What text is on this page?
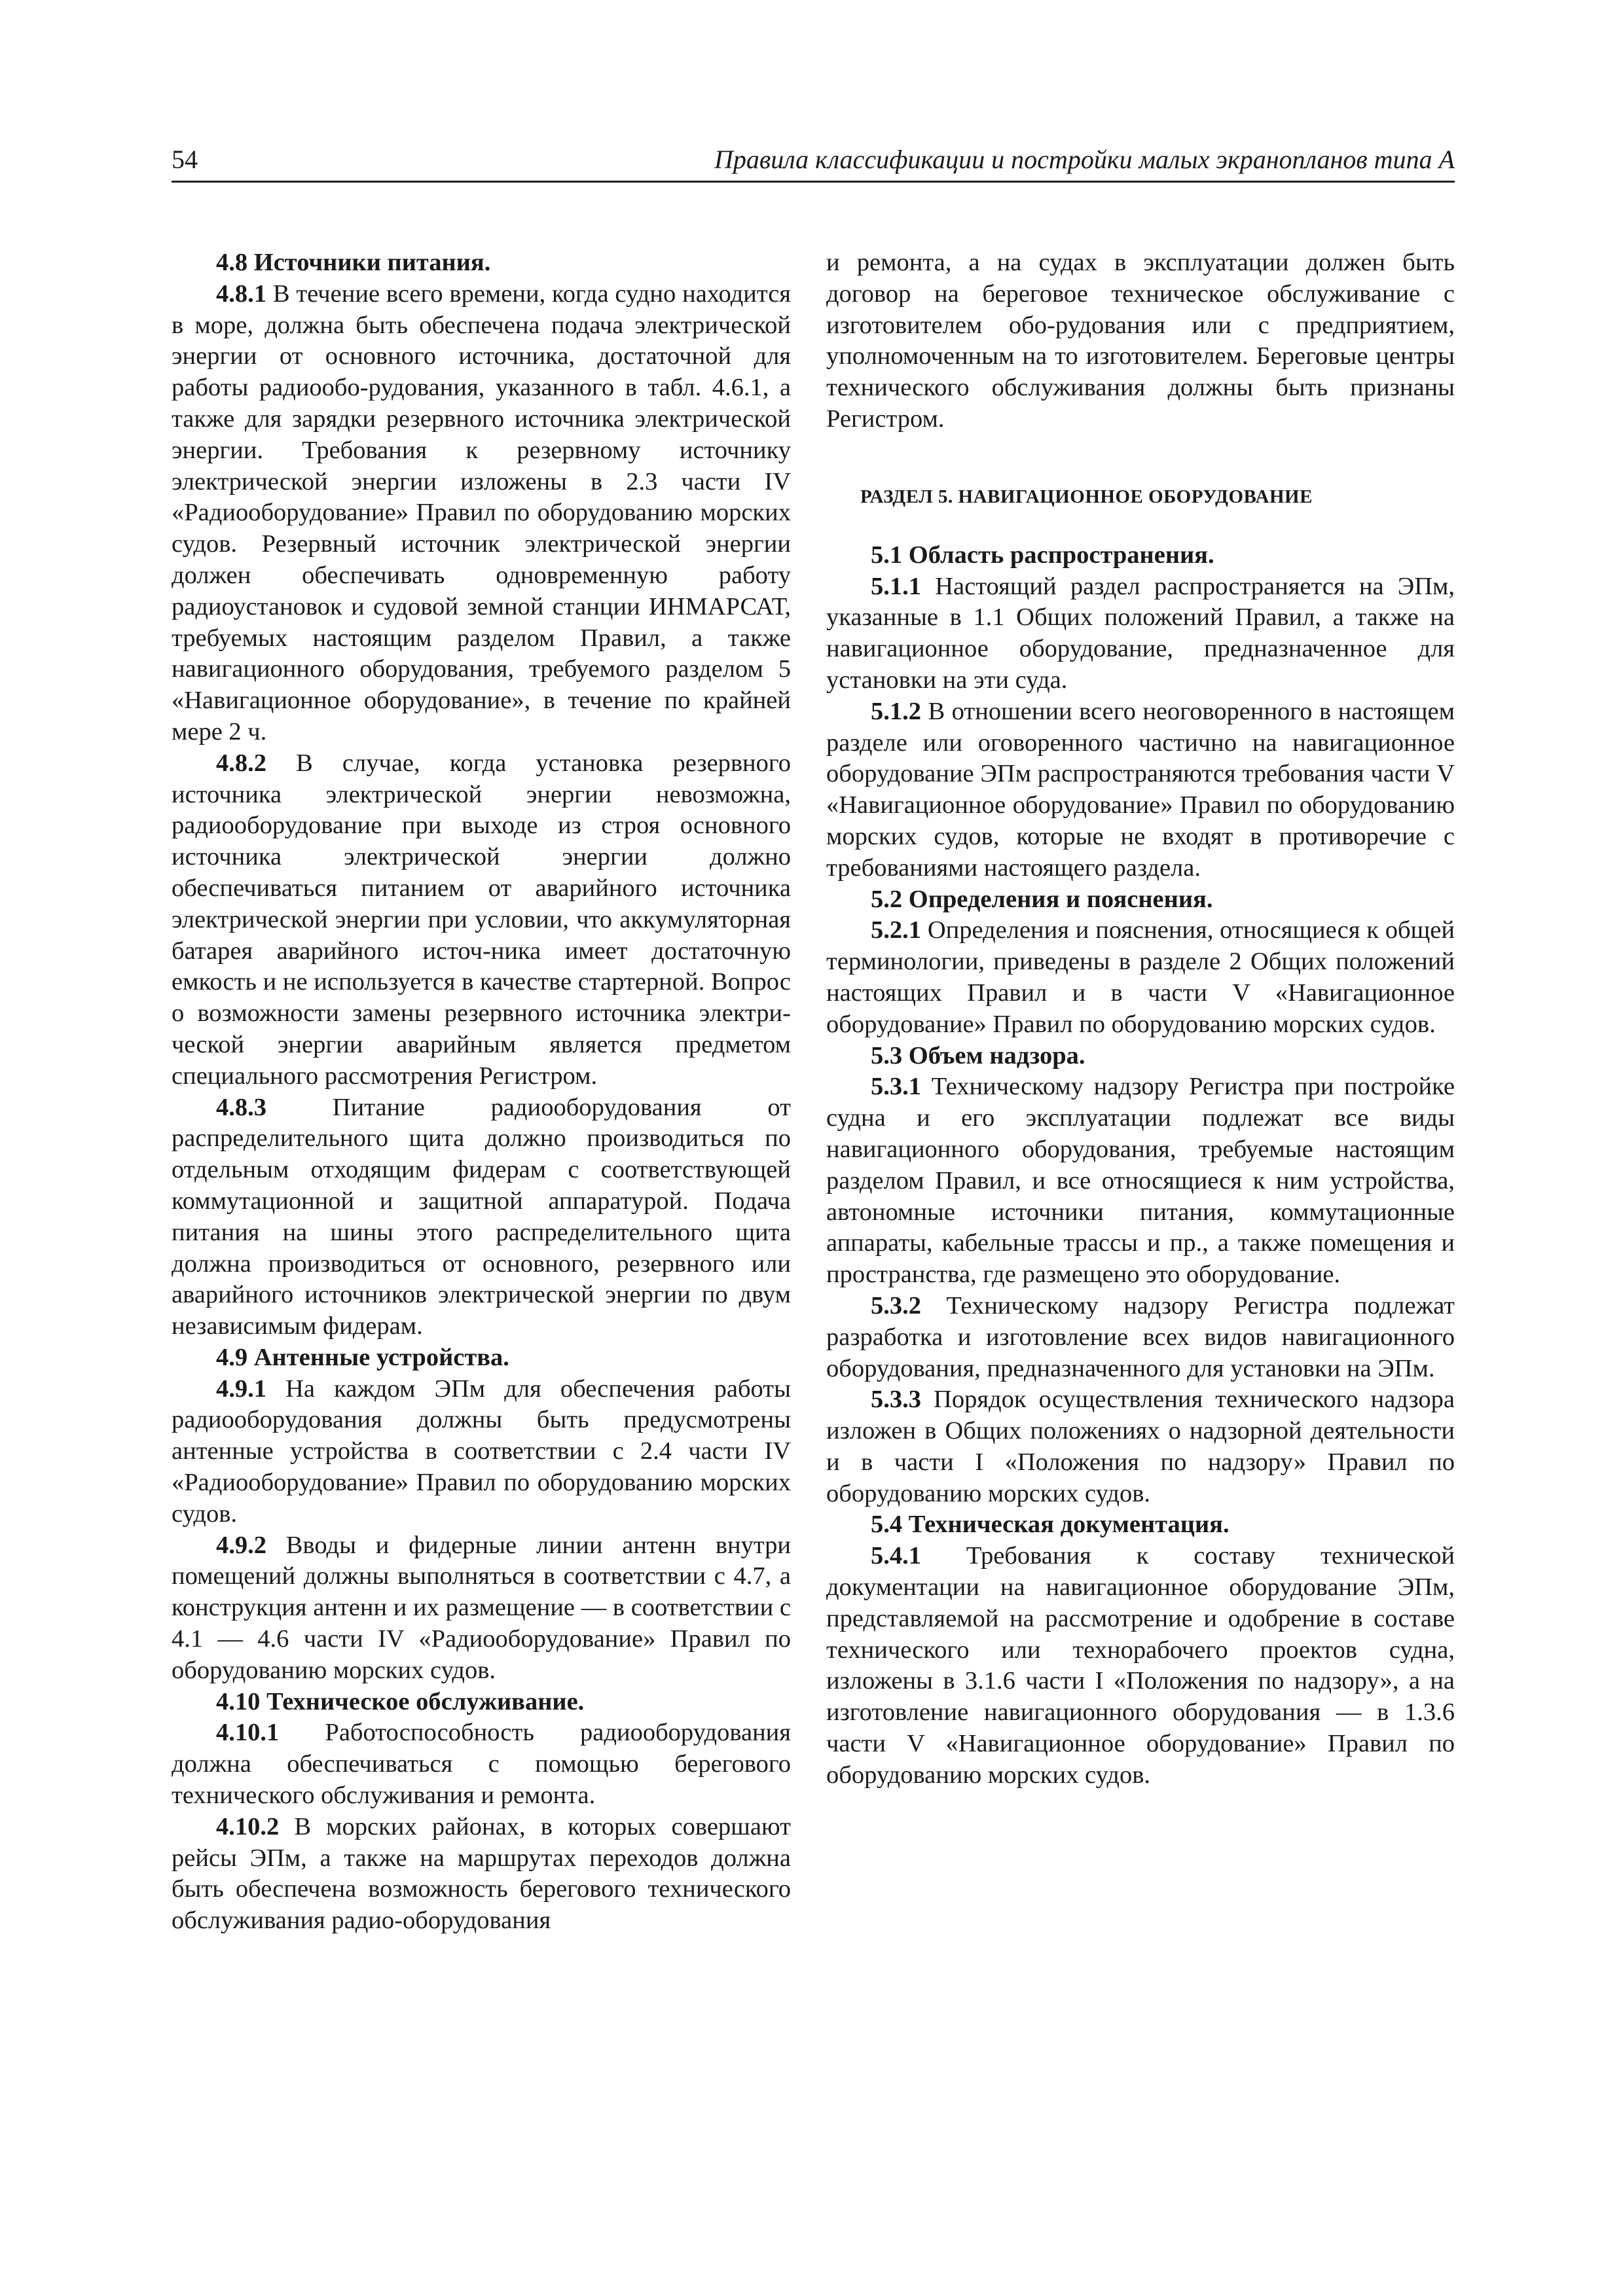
54	Правила классификации и постройки малых экранопланов типа А

4.8 Источники питания.

4.8.1 В течение всего времени, когда судно находится в море, должна быть обеспечена подача электрической энергии от основного источника, достаточной для работы радиообо-рудования, указанного в табл. 4.6.1, а также для зарядки резервного источника электрической энергии. Требования к резервному источнику электрической энергии изложены в 2.3 части IV «Радиооборудование» Правил по оборудованию морских судов. Резервный источник электрической энергии должен обеспечивать одновременную работу радиоустановок и судовой земной станции ИНМАРСАТ, требуемых настоящим разделом Правил, а также навигационного оборудования, требуемого разделом 5 «Навигационное оборудование», в течение по крайней мере 2 ч.

4.8.2 В случае, когда установка резервного источника электрической энергии невозможна, радиооборудование при выходе из строя основного источника электрической энергии должно обеспечиваться питанием от аварийного источника электрической энергии при условии, что аккумуляторная батарея аварийного источ-ника имеет достаточную емкость и не используется в качестве стартерной. Вопрос о возможности замены резервного источника электри-ческой энергии аварийным является предметом специального рассмотрения Регистром.

4.8.3 Питание радиооборудования от распределительного щита должно производиться по отдельным отходящим фидерам с соответствующей коммутационной и защитной аппаратурой. Подача питания на шины этого распределительного щита должна производиться от основного, резервного или аварийного источников электрической энергии по двум независимым фидерам.

4.9 Антенные устройства.

4.9.1 На каждом ЭПм для обеспечения работы радиооборудования должны быть предусмотрены антенные устройства в соответствии с 2.4 части IV «Радиооборудование» Правил по оборудованию морских судов.

4.9.2 Вводы и фидерные линии антенн внутри помещений должны выполняться в соответствии с 4.7, а конструкция антенн и их размещение — в соответствии с 4.1 — 4.6 части IV «Радиооборудование» Правил по оборудованию морских судов.

4.10 Техническое обслуживание.

4.10.1 Работоспособность радиооборудования должна обеспечиваться с помощью берегового технического обслуживания и ремонта.

4.10.2 В морских районах, в которых совершают рейсы ЭПм, а также на маршрутах переходов должна быть обеспечена возможность берегового технического обслуживания радио-оборудования

и ремонта, а на судах в эксплуатации должен быть договор на береговое техническое обслуживание с изготовителем обо-рудования или с предприятием, уполномоченным на то изготовителем. Береговые центры технического обслуживания должны быть признаны Регистром.

РАЗДЕЛ 5. НАВИГАЦИОННОЕ ОБОРУДОВАНИЕ

5.1 Область распространения.

5.1.1 Настоящий раздел распространяется на ЭПм, указанные в 1.1 Общих положений Правил, а также на навигационное оборудование, предназначенное для установки на эти суда.

5.1.2 В отношении всего неоговоренного в настоящем разделе или оговоренного частично на навигационное оборудование ЭПм распространяются требования части V «Навигационное оборудование» Правил по оборудованию морских судов, которые не входят в противоречие с требованиями настоящего раздела.

5.2 Определения и пояснения.

5.2.1 Определения и пояснения, относящиеся к общей терминологии, приведены в разделе 2 Общих положений настоящих Правил и в части V «Навигационное оборудование» Правил по оборудованию морских судов.

5.3 Объем надзора.

5.3.1 Техническому надзору Регистра при постройке судна и его эксплуатации подлежат все виды навигационного оборудования, требуемые настоящим разделом Правил, и все относящиеся к ним устройства, автономные источники питания, коммутационные аппараты, кабельные трассы и пр., а также помещения и пространства, где размещено это оборудование.

5.3.2 Техническому надзору Регистра подлежат разработка и изготовление всех видов навигационного оборудования, предназначенного для установки на ЭПм.

5.3.3 Порядок осуществления технического надзора изложен в Общих положениях о надзорной деятельности и в части I «Положения по надзору» Правил по оборудованию морских судов.

5.4 Техническая документация.

5.4.1 Требования к составу технической документации на навигационное оборудование ЭПм, представляемой на рассмотрение и одобрение в составе технического или технорабочего проектов судна, изложены в 3.1.6 части I «Положения по надзору», а на изготовление навигационного оборудования — в 1.3.6 части V «Навигационное оборудование» Правил по оборудованию морских судов.
